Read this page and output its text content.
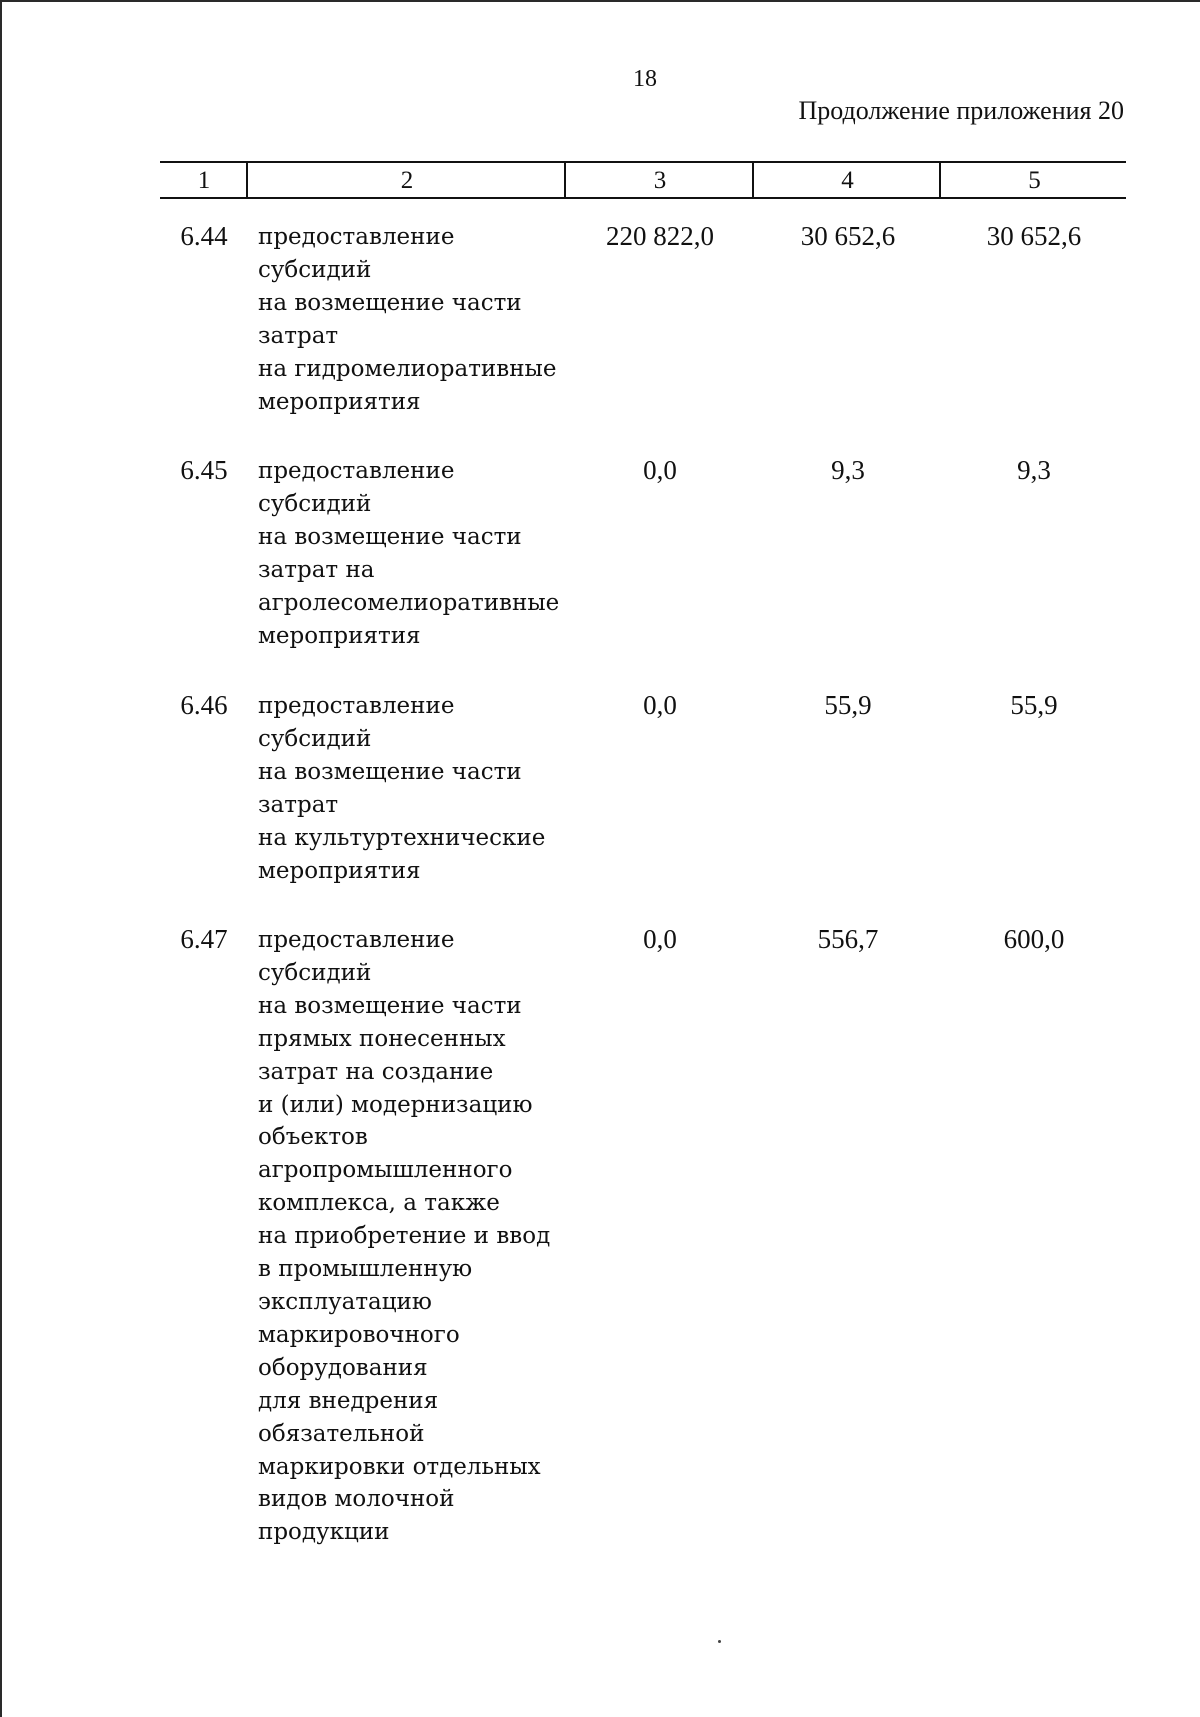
18
Продолжение приложения 20
1	2	3	4	5
6.44	предоставление
субсидий
на возмещение части
затрат
на гидромелиоративные
мероприятия
220 822,0	30 652,6	30 652,6
6.45	предоставление
субсидий
на возмещение части
затрат на
агролесомелиоративные
мероприятия
0,0	9,3	9,3
6.46	предоставление
субсидий
на возмещение части
затрат
на культуртехнические
мероприятия
0,0	55,9	55,9
6.47	предоставление
субсидий
на возмещение части
прямых понесенных
затрат на создание
и (или) модернизацию
объектов
агропромышленного
комплекса, а также
на приобретение и ввод
в промышленную
эксплуатацию
маркировочного
оборудования
для внедрения
обязательной
маркировки отдельных
видов молочной
продукции
0,0	556,7	600,0
